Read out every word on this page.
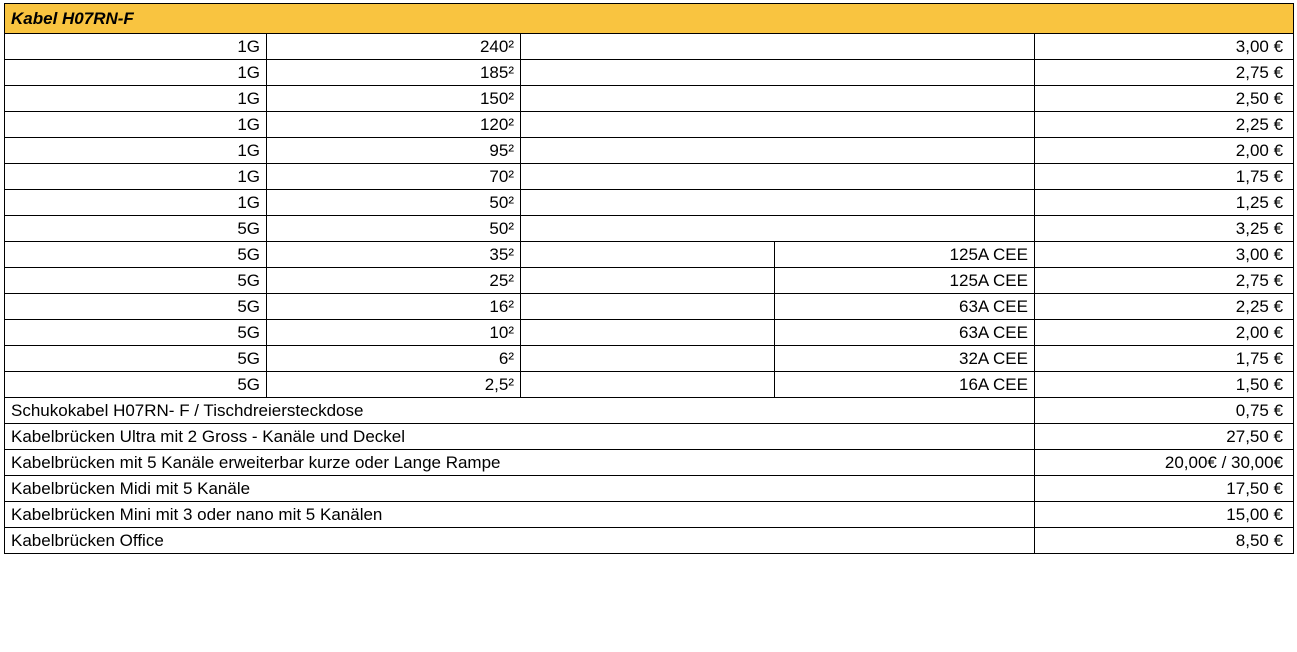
Kabel H07RN-F				
1G	240²			3,00 €
1G	185²			2,75 €
1G	150²			2,50 €
1G	120²			2,25 €
1G	95²			2,00 €
1G	70²			1,75 €
1G	50²			1,25 €
5G	50²			3,25 €
5G	35²		125A CEE	3,00 €
5G	25²		125A CEE	2,75 €
5G	16²		63A CEE	2,25 €
5G	10²		63A CEE	2,00 €
5G	6²		32A CEE	1,75 €
5G	2,5²		16A CEE	1,50 €
Schukokabel H07RN- F / Tischdreiersteckdose				0,75 €
Kabelbrücken Ultra mit 2 Gross - Kanäle und Deckel				27,50 €
Kabelbrücken mit 5 Kanäle erweiterbar kurze oder Lange Rampe				20,00€ / 30,00€
Kabelbrücken Midi mit 5 Kanäle				17,50 €
Kabelbrücken Mini mit 3 oder nano mit 5 Kanälen				15,00 €
Kabelbrücken Office				8,50 €
